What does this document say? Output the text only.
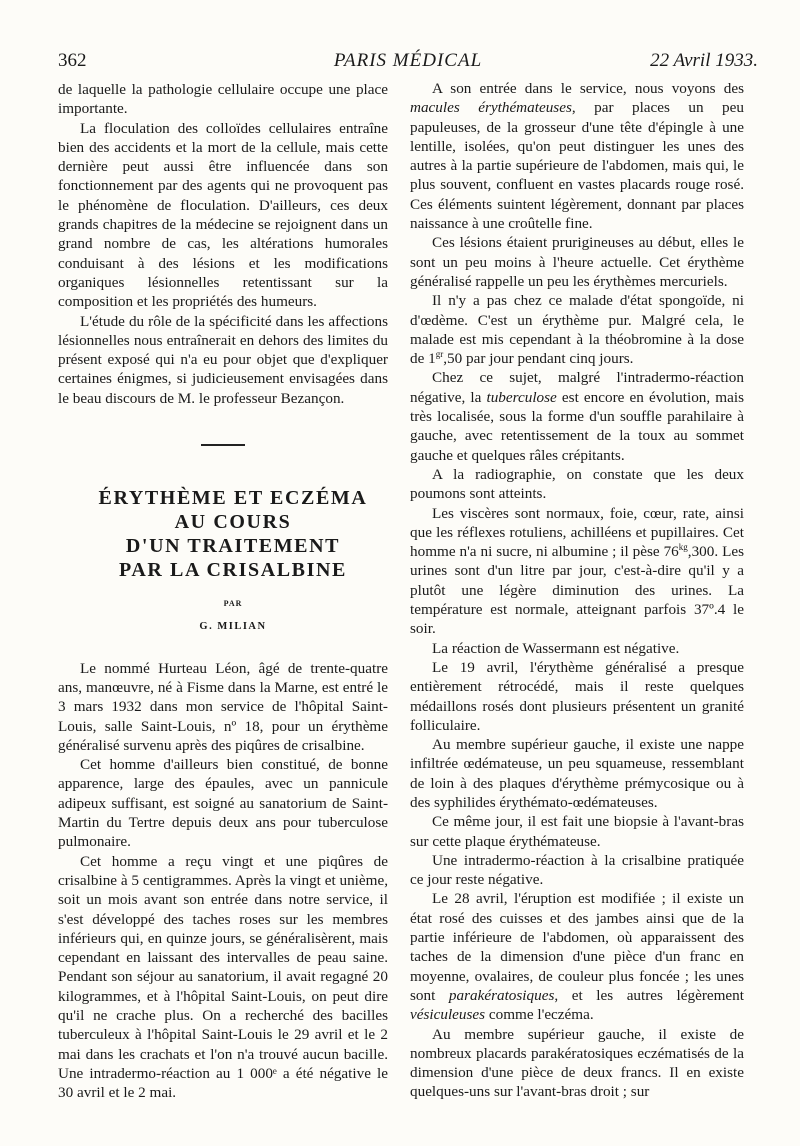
362	PARIS MÉDICAL	22 Avril 1933.

de laquelle la pathologie cellulaire occupe une place importante.

La floculation des colloïdes cellulaires entraîne bien des accidents et la mort de la cellule, mais cette dernière peut aussi être influencée dans son fonctionnement par des agents qui ne provoquent pas le phénomène de floculation. D'ailleurs, ces deux grands chapitres de la médecine se rejoignent dans un grand nombre de cas, les altérations humorales conduisant à des lésions et les modifications organiques lésionnelles retentissant sur la composition et les propriétés des humeurs.

L'étude du rôle de la spécificité dans les affections lésionnelles nous entraînerait en dehors des limites du présent exposé qui n'a eu pour objet que d'expliquer certaines énigmes, si judicieusement envisagées dans le beau discours de M. le professeur Bezançon.

ÉRYTHÈME ET ECZÉMA
AU COURS
D'UN TRAITEMENT
PAR LA CRISALBINE
PAR
G. MILIAN

Le nommé Hurteau Léon, âgé de trente-quatre ans, manœuvre, né à Fisme dans la Marne, est entré le 3 mars 1932 dans mon service de l'hôpital Saint-Louis, salle Saint-Louis, nº 18, pour un érythème généralisé survenu après des piqûres de crisalbine.

Cet homme d'ailleurs bien constitué, de bonne apparence, large des épaules, avec un pannicule adipeux suffisant, est soigné au sanatorium de Saint-Martin du Tertre depuis deux ans pour tuberculose pulmonaire.

Cet homme a reçu vingt et une piqûres de crisalbine à 5 centigrammes. Après la vingt et unième, soit un mois avant son entrée dans notre service, il s'est développé des taches roses sur les membres inférieurs qui, en quinze jours, se généralisèrent, mais cependant en laissant des intervalles de peau saine. Pendant son séjour au sanatorium, il avait regagné 20 kilogrammes, et à l'hôpital Saint-Louis, on peut dire qu'il ne crache plus. On a recherché des bacilles tuberculeux à l'hôpital Saint-Louis le 29 avril et le 2 mai dans les crachats et l'on n'a trouvé aucun bacille. Une intradermo-réaction au 1 000ᵉ a été négative le 30 avril et le 2 mai.

A son entrée dans le service, nous voyons des macules érythémateuses, par places un peu papuleuses, de la grosseur d'une tête d'épingle à une lentille, isolées, qu'on peut distinguer les unes des autres à la partie supérieure de l'abdomen, mais qui, le plus souvent, confluent en vastes placards rouge rosé. Ces éléments suintent légèrement, donnant par places naissance à une croûtelle fine.

Ces lésions étaient prurigineuses au début, elles le sont un peu moins à l'heure actuelle. Cet érythème généralisé rappelle un peu les érythèmes mercuriels.

Il n'y a pas chez ce malade d'état spongoïde, ni d'œdème. C'est un érythème pur. Malgré cela, le malade est mis cependant à la théobromine à la dose de $1^{gr},50$ par jour pendant cinq jours.

Chez ce sujet, malgré l'intradermo-réaction négative, la tuberculose est encore en évolution, mais très localisée, sous la forme d'un souffle parahilaire à gauche, avec retentissement de la toux au sommet gauche et quelques râles crépitants.

A la radiographie, on constate que les deux poumons sont atteints.

Les viscères sont normaux, foie, cœur, rate, ainsi que les réflexes rotuliens, achilléens et pupillaires. Cet homme n'a ni sucre, ni albumine ; il pèse $76^{kg},300$. Les urines sont d'un litre par jour, c'est-à-dire qu'il y a plutôt une légère diminution des urines. La température est normale, atteignant parfois 37º.4 le soir.

La réaction de Wassermann est négative.

Le 19 avril, l'érythème généralisé a presque entièrement rétrocédé, mais il reste quelques médaillons rosés dont plusieurs présentent un granité folliculaire.

Au membre supérieur gauche, il existe une nappe infiltrée œdémateuse, un peu squameuse, ressemblant de loin à des plaques d'érythème prémycosique ou à des syphilides érythémato-œdémateuses.

Ce même jour, il est fait une biopsie à l'avant-bras sur cette plaque érythémateuse.

Une intradermo-réaction à la crisalbine pratiquée ce jour reste négative.

Le 28 avril, l'éruption est modifiée ; il existe un état rosé des cuisses et des jambes ainsi que de la partie inférieure de l'abdomen, où apparaissent des taches de la dimension d'une pièce d'un franc en moyenne, ovalaires, de couleur plus foncée ; les unes sont parakératosiques, et les autres légèrement vésiculeuses comme l'eczéma.

Au membre supérieur gauche, il existe de nombreux placards parakératosiques eczématisés de la dimension d'une pièce de deux francs. Il en existe quelques-uns sur l'avant-bras droit ; sur
